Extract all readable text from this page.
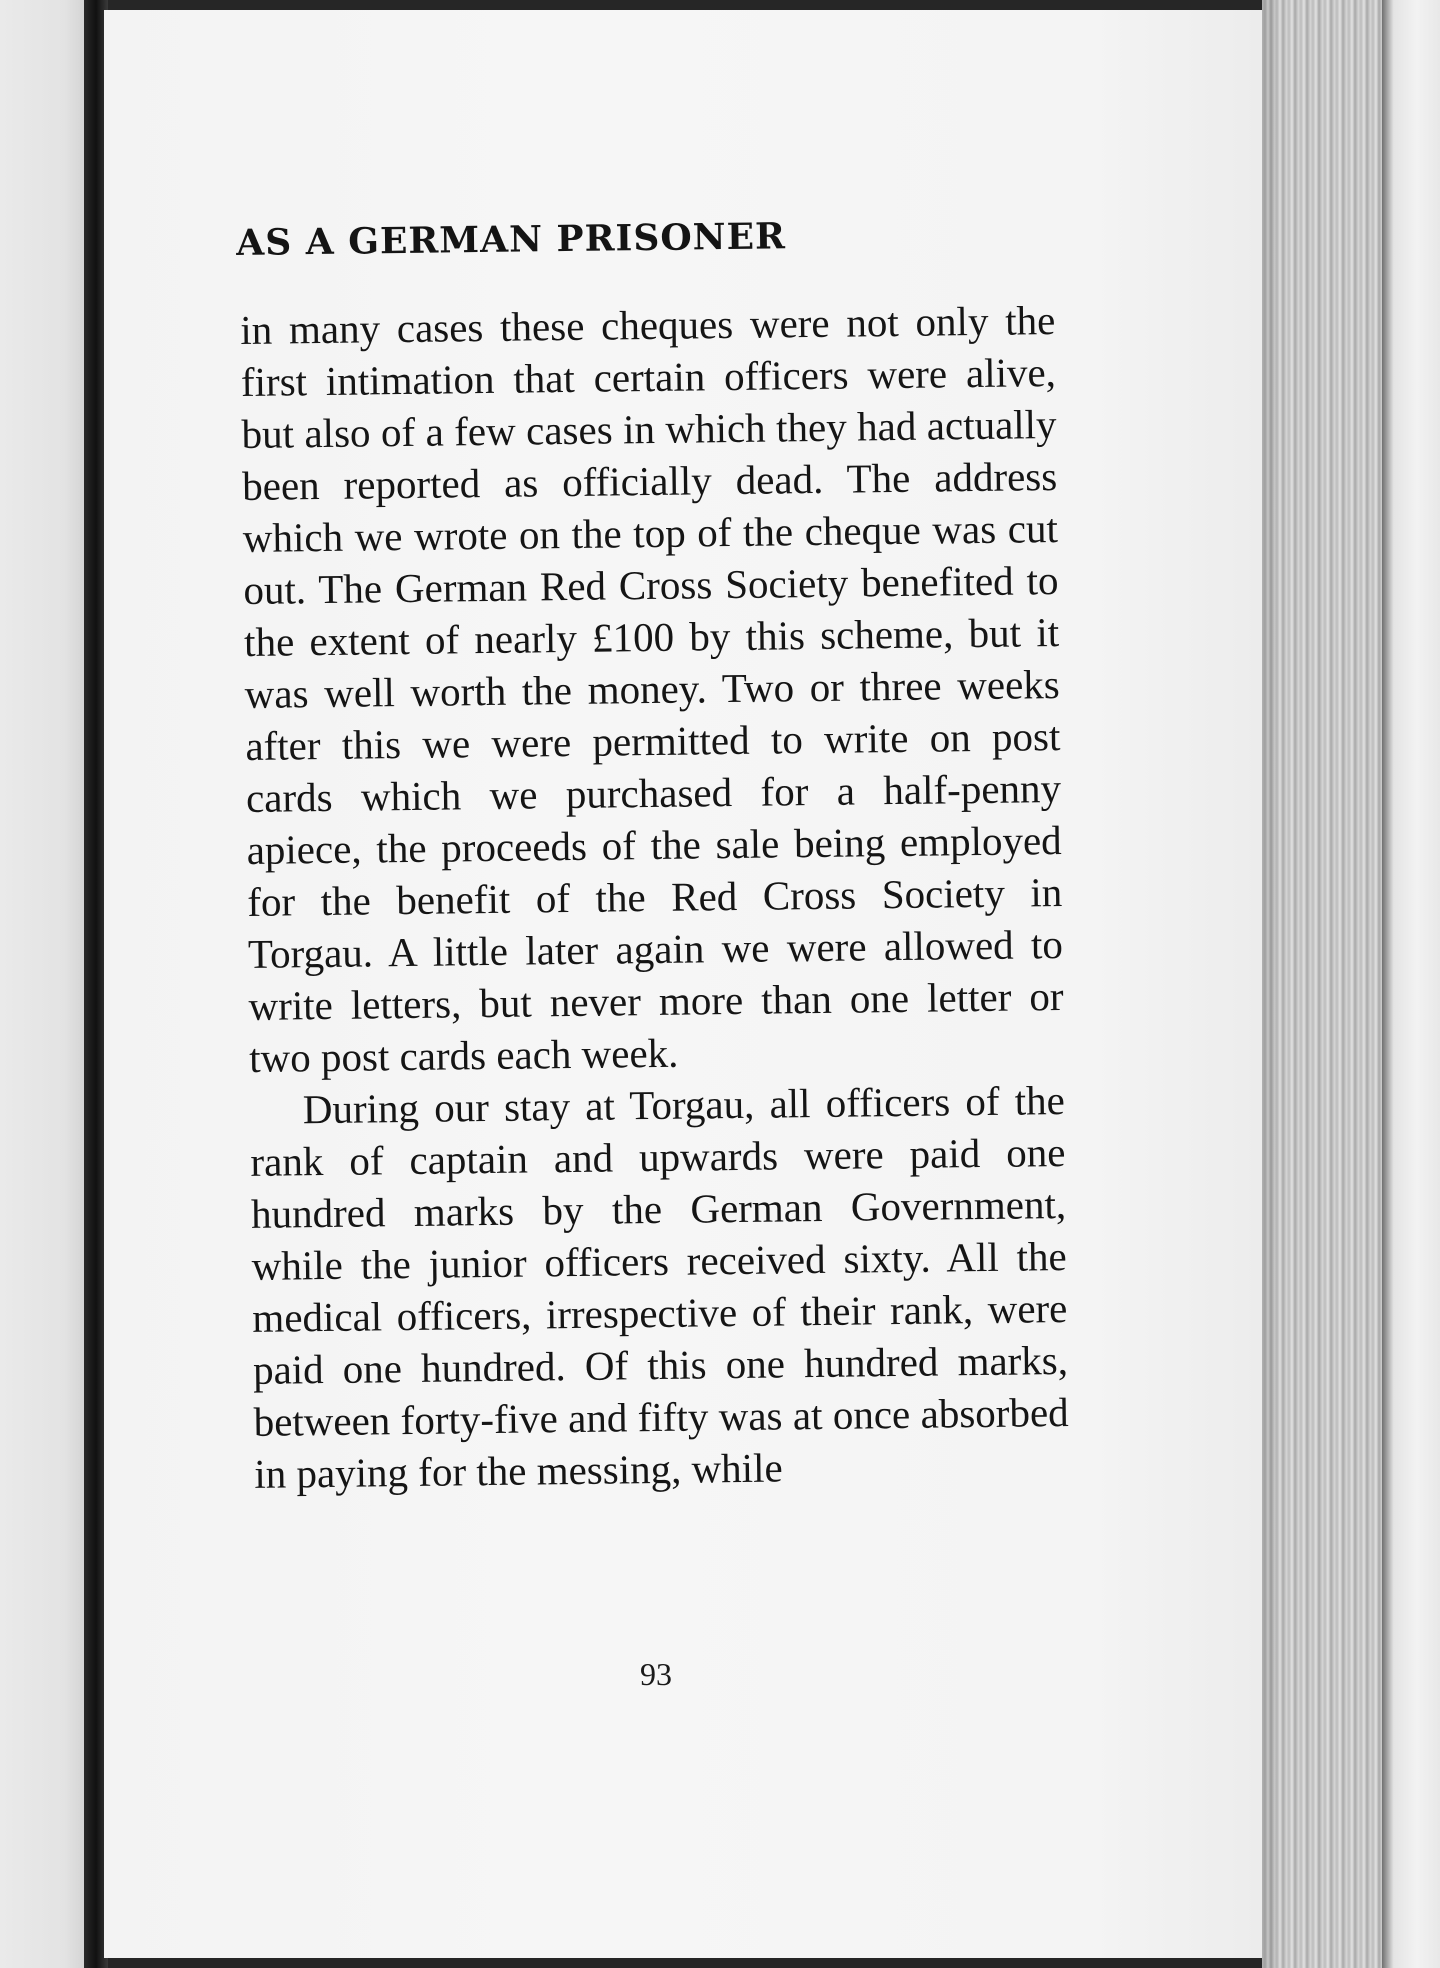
AS A GERMAN PRISONER

in many cases these cheques were not only the first intimation that certain officers were alive, but also of a few cases in which they had actually been reported as officially dead. The address which we wrote on the top of the cheque was cut out. The German Red Cross Society benefited to the extent of nearly £100 by this scheme, but it was well worth the money. Two or three weeks after this we were permitted to write on post cards which we purchased for a half-penny apiece, the proceeds of the sale being employed for the benefit of the Red Cross Society in Torgau. A little later again we were allowed to write letters, but never more than one letter or two post cards each week.

During our stay at Torgau, all officers of the rank of captain and upwards were paid one hundred marks by the German Government, while the junior officers received sixty. All the medical officers, irrespective of their rank, were paid one hundred. Of this one hundred marks, between forty-five and fifty was at once absorbed in paying for the messing, while

93
